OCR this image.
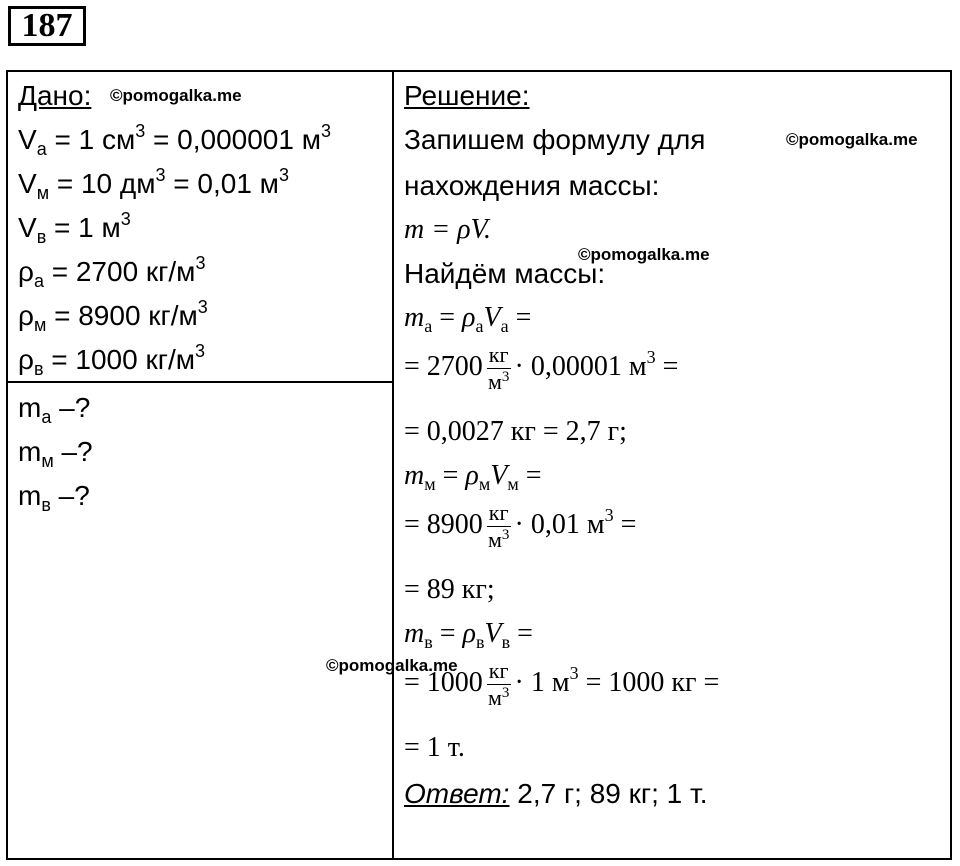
187
Дано:
$V_а = 1$ $см^3 = 0,000001$ $м^3$
$V_м = 10$ $дм^3 = 0,01$ $м^3$
$V_в = 1$ $м^3$
$\rho_а = 2700$ $кг/м^3$
$\rho_м = 8900$ $кг/м^3$
$\rho_в = 1000$ $кг/м^3$
$m_а$ –?
$m_м$ –?
$m_в$ –?
Решение:
Запишем формулу для
нахождения массы:
m = ρV.
Найдём массы:
$m_а = \rho_аV_а$ =
= $2700 \frac{кг}{м^3} \cdot 0,00001$ $м^3$ =
= 0,0027 кг = 2,7 г;
$m_м = \rho_мV_м$ =
= $8900 \frac{кг}{м^3} \cdot 0,01$ $м^3$ =
= 89 кг;
$m_в = \rho_вV_в$ =
= $1000 \frac{кг}{м^3} \cdot 1$ $м^3 = 1000$ кг =
= 1 т.
Ответ: 2,7 г; 89 кг; 1 т.
©pomogalka.me
©pomogalka.me
©pomogalka.me
©pomogalka.me
